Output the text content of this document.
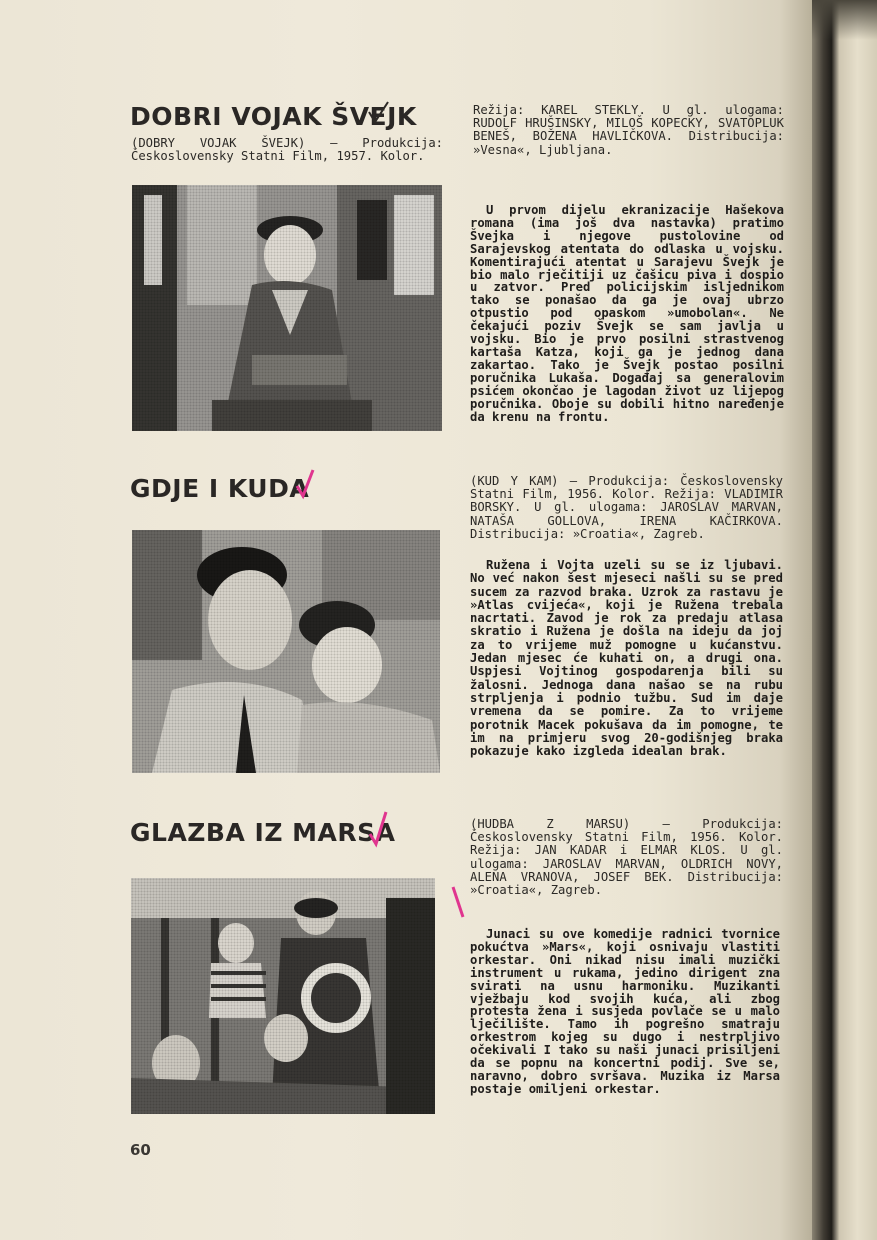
DOBRI VOJAK ŠVEJK

(DOBRY VOJAK ŠVEJK) — Produkcija: Československy Statni Film, 1957. Kolor.

Režija: KAREL STEKLY. U gl. ulogama: RUDOLF HRUŠINSKY, MILOŠ KOPECKY, SVATOPLUK BENEŠ, BOŽENA HAVLIČKOVA. Distribucija: »Vesna«, Ljubljana.

U prvom dijelu ekranizacije Hašekova romana (ima još dva nastavka) pratimo Švejka i njegove pustolovine od Sarajevskog atentata do odlaska u vojsku. Komentirajući atentat u Sarajevu Švejk je bio malo rječitiji uz čašicu piva i dospio u zatvor. Pred policijskim isljednikom tako se ponašao da ga je ovaj ubrzo otpustio pod opaskom »umobolan«. Ne čekajući poziv Švejk se sam javlja u vojsku. Bio je prvo posilni strastvenog kartaša Katza, koji ga je jednog dana zakartao. Tako je Švejk postao posilni poručnika Lukaša. Događaj sa generalovim psićem okončao je lagodan život uz lijepog poručnika. Oboje su dobili hitno naređenje da krenu na frontu.

GDJE I KUDA	(KUD Y KAM) — Produkcija: Československy Statni Film, 1956. Kolor. Režija: VLADIMIR BORSKY. U gl. ulogama: JAROSLAV MARVAN, NATAŠA GOLLOVA, IRENA KAČIRKOVA. Distribucija: »Croatia«, Zagreb.

Ružena i Vojta uzeli su se iz ljubavi. No već nakon šest mjeseci našli su se pred sucem za razvod braka. Uzrok za rastavu je »Atlas cvijeća«, koji je Ružena trebala nacrtati. Zavod je rok za predaju atlasa skratio i Ružena je došla na ideju da joj za to vrijeme muž pomogne u kućanstvu. Jedan mjesec će kuhati on, a drugi ona. Uspjesi Vojtinog gospodarenja bili su žalosni. Jednoga dana našao se na rubu strpljenja i podnio tužbu. Sud im daje vremena da se pomire. Za to vrijeme porotnik Macek pokušava da im pomogne, te im na primjeru svog 20-godišnjeg braka pokazuje kako izgleda idealan brak.

GLAZBA IZ MARSA	(HUDBA Z MARSU) — Produkcija: Československy Statni Film, 1956. Kolor. Režija: JAN KADAR i ELMAR KLOS. U gl. ulogama: JAROSLAV MARVAN, OLDRICH NOVY, ALENA VRANOVA, JOSEF BEK. Distribucija: »Croatia«, Zagreb.

Junaci su ove komedije radnici tvornice pokućtva »Mars«, koji osnivaju vlastiti orkestar. Oni nikad nisu imali muzički instrument u rukama, jedino dirigent zna svirati na usnu harmoniku. Muzikanti vježbaju kod svojih kuća, ali zbog protesta žena i susjeda povlače se u malo lječilište. Tamo ih pogrešno smatraju orkestrom kojeg su dugo i nestrpljivo očekivali I tako su naši junaci prisiljeni da se popnu na koncertni podij. Sve se, naravno, dobro svršava. Muzika iz Marsa postaje omiljeni orkestar.

60
